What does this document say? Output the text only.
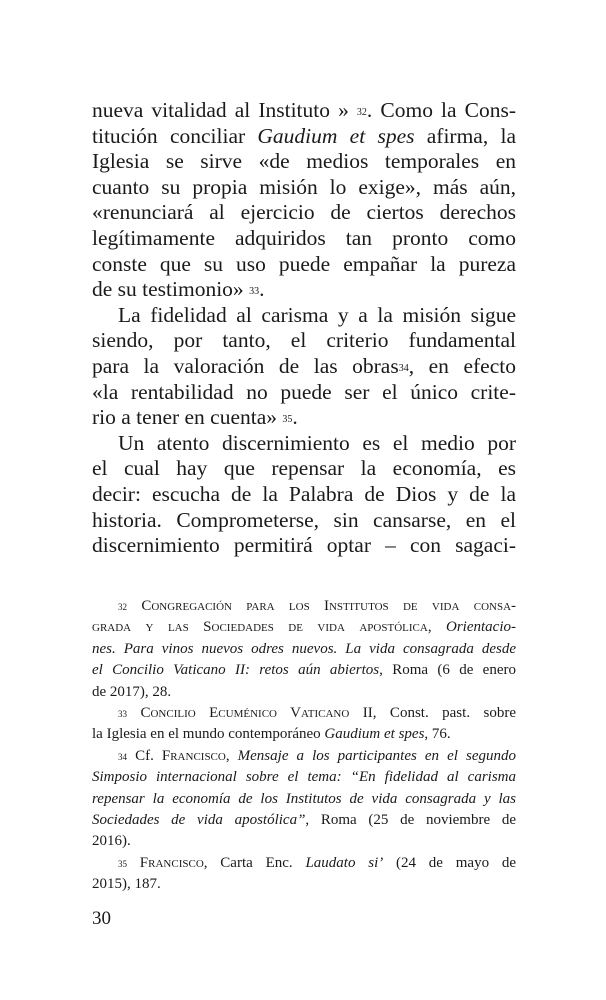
nueva vitalidad al Instituto » $^{32}$. Como la Cons-
titución conciliar Gaudium et spes afirma, la
Iglesia se sirve «de medios temporales en
cuanto su propia misión lo exige», más aún,
«renunciará al ejercicio de ciertos derechos
legítimamente adquiridos tan pronto como
conste que su uso puede empañar la pureza
de su testimonio» $^{33}$.
La fidelidad al carisma y a la misión sigue
siendo, por tanto, el criterio fundamental
para la valoración de las obras$^{34}$, en efecto
«la rentabilidad no puede ser el único crite-
rio a tener en cuenta» $^{35}$.
Un atento discernimiento es el medio por
el cual hay que repensar la economía, es
decir: escucha de la Palabra de Dios y de la
historia. Comprometerse, sin cansarse, en el
discernimiento permitirá optar – con sagaci-
$^{32}$ Congregación para los Institutos de vida consa-
grada y las Sociedades de vida apostólica, Orientacio-
nes. Para vinos nuevos odres nuevos. La vida consagrada desde
el Concilio Vaticano II: retos aún abiertos, Roma (6 de enero
de 2017), 28.
$^{33}$ Concilio Ecuménico Vaticano II, Const. past. sobre
la Iglesia en el mundo contemporáneo Gaudium et spes, 76.
$^{34}$ Cf. Francisco, Mensaje a los participantes en el segundo
Simposio internacional sobre el tema: “En fidelidad al carisma
repensar la economía de los Institutos de vida consagrada y las
Sociedades de vida apostólica”, Roma (25 de noviembre de
2016).
$^{35}$ Francisco, Carta Enc. Laudato si’ (24 de mayo de
2015), 187.
30
